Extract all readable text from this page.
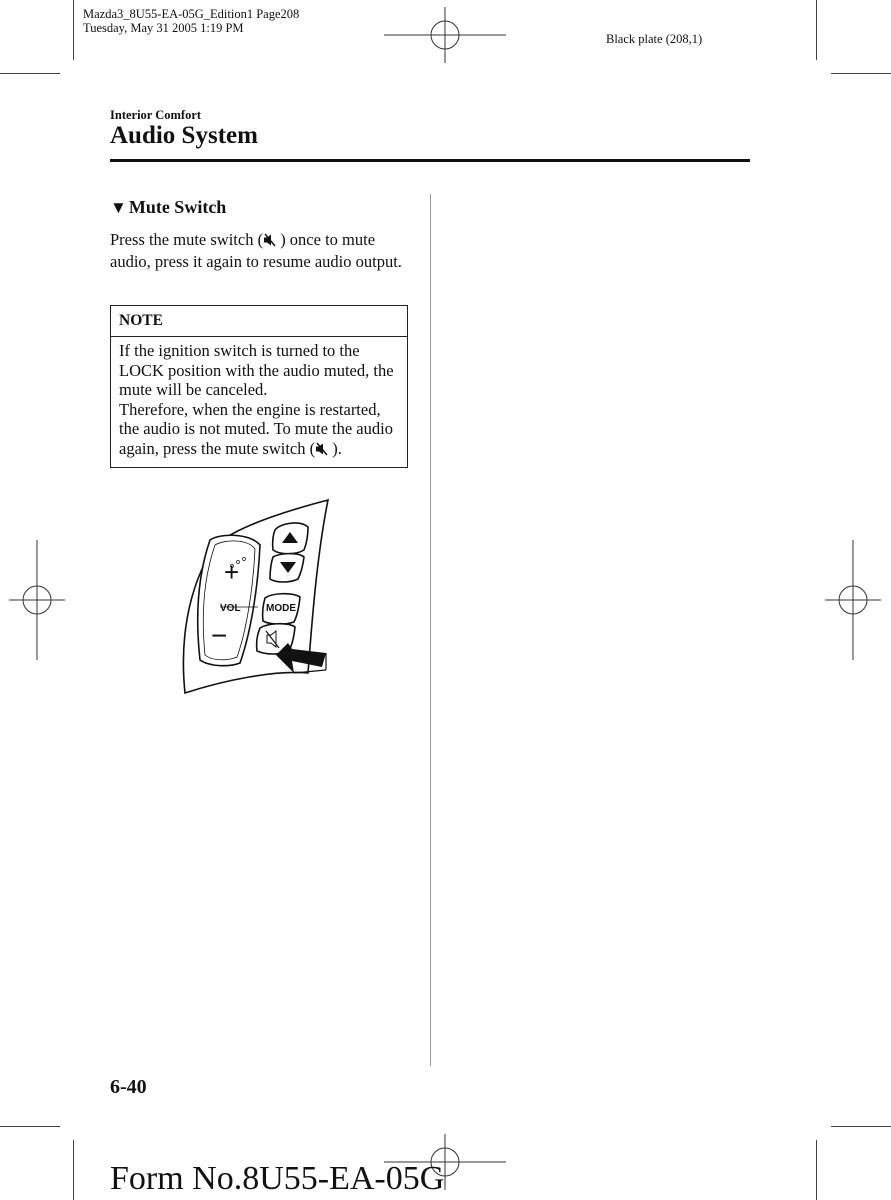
Mazda3_8U55-EA-05G_Edition1 Page208
Tuesday, May 31 2005 1:19 PM
Black plate (208,1)
Interior Comfort
Audio System
▼ Mute Switch
Press the mute switch ( ) once to mute audio, press it again to resume audio output.
NOTE
If the ignition switch is turned to the LOCK position with the audio muted, the mute will be canceled.
Therefore, when the engine is restarted, the audio is not muted. To mute the audio again, press the mute switch ( ).
+
VOL
−
MODE
6-40
Form No.8U55-EA-05G
